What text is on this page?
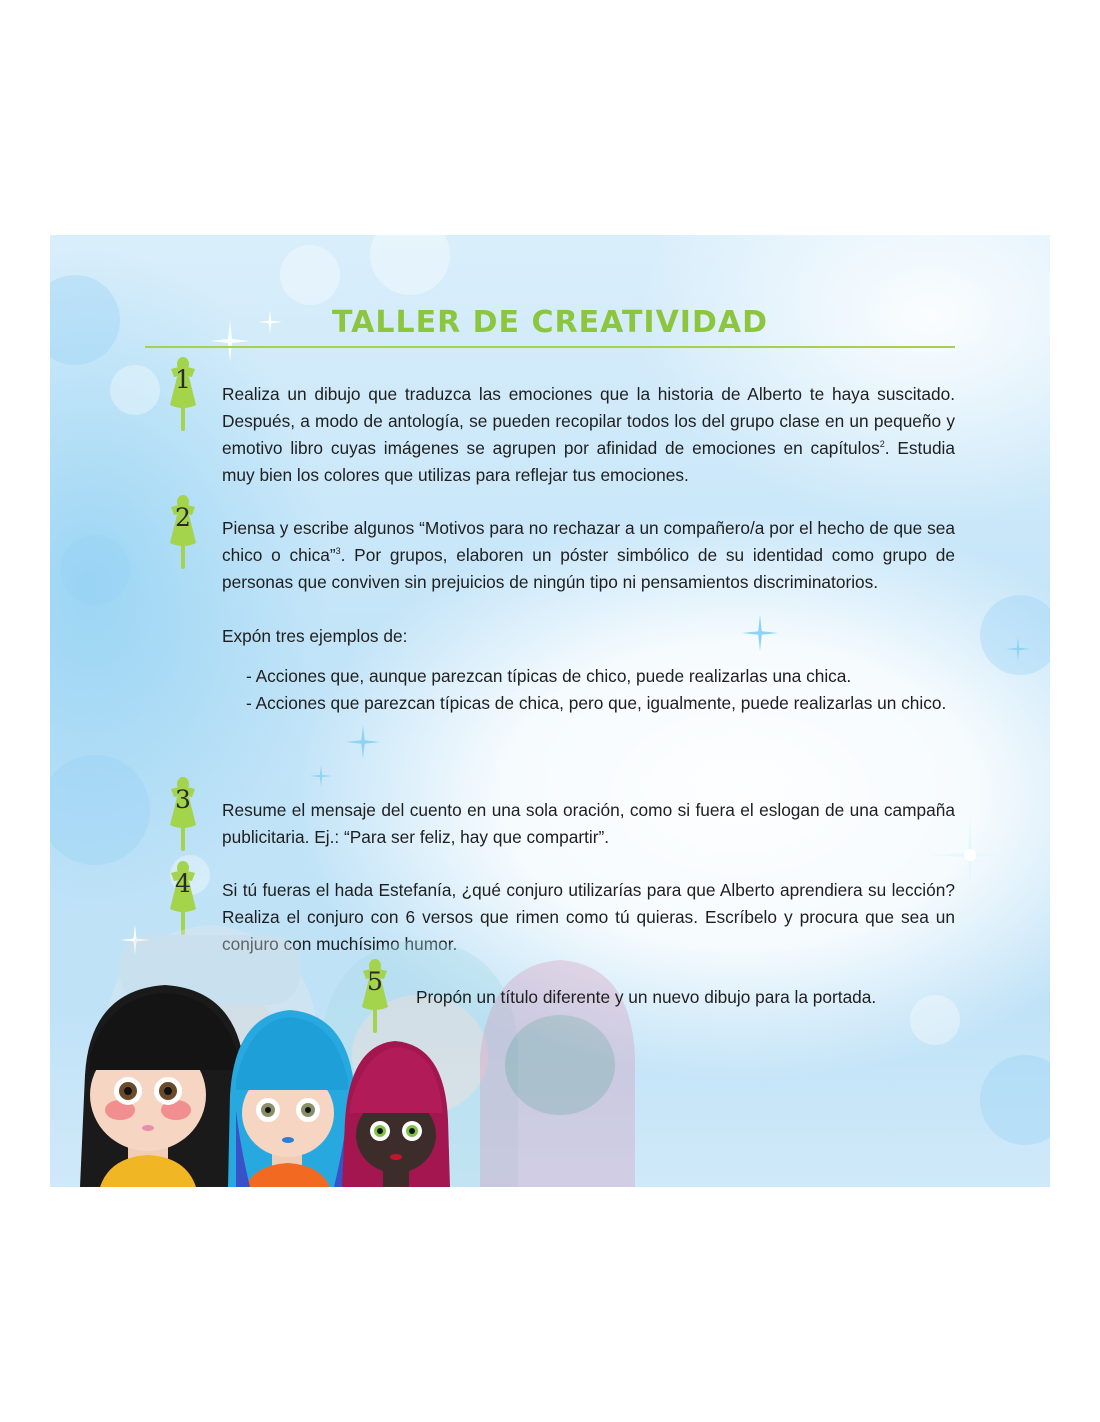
TALLER DE CREATIVIDAD
1	Realiza un dibujo que traduzca las emociones que la historia de Alberto te haya suscitado. Después, a modo de antología, se pueden recopilar todos los del grupo clase en un pequeño y emotivo libro cuyas imágenes se agrupen por afinidad de emociones en capítulos$^2$. Estudia muy bien los colores que utilizas para reflejar tus emociones.

2	Piensa y escribe algunos “Motivos para no rechazar a un compañero/a por el hecho de que sea chico o chica”$^3$. Por grupos, elaboren un póster simbólico de su identidad como grupo de personas que conviven sin prejuicios de ningún tipo ni pensamientos discriminatorios.

Expón tres ejemplos de:

- Acciones que, aunque parezcan típicas de chico, puede realizarlas una chica.

- Acciones que parezcan típicas de chica, pero que, igualmente, puede realizarlas un chico.

3	Resume el mensaje del cuento en una sola oración, como si fuera el eslogan de una campaña publicitaria. Ej.: “Para ser feliz, hay que compartir”.

4	Si tú fueras el hada Estefanía, ¿qué conjuro utilizarías para que Alberto aprendiera su lección? Realiza el conjuro con 6 versos que rimen como tú quieras. Escríbelo y procura que sea un conjuro con muchísimo humor.

5

Propón un título diferente y un nuevo dibujo para la portada.
